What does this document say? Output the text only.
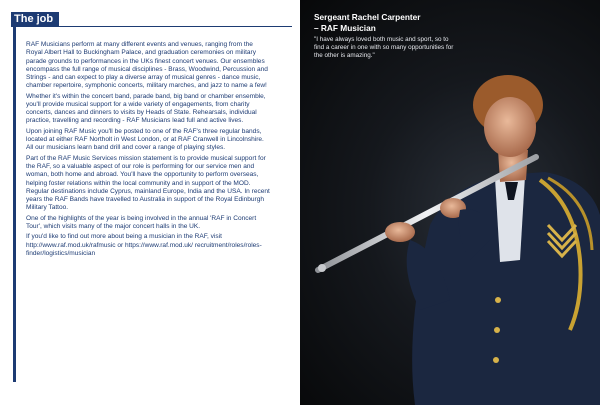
The job

RAF Musicians perform at many different events and venues, ranging from the Royal Albert Hall to Buckingham Palace, and graduation ceremonies on military parade grounds to performances in the UKs finest concert venues. Our ensembles encompass the full range of musical disciplines - Brass, Woodwind, Percussion and Strings - and can expect to play a diverse array of musical genres - dance music, chamber repertoire, symphonic concerts, military marches, and jazz to name a few!

Whether it's within the concert band, parade band, big band or chamber ensemble, you'll provide musical support for a wide variety of engagements, from charity concerts, dances and dinners to visits by Heads of State. Rehearsals, individual practice, travelling and recording - RAF Musicians lead full and active lives.

Upon joining RAF Music you'll be posted to one of the RAF's three regular bands, located at either RAF Northolt in West London, or at RAF Cranwell in Lincolnshire. All our musicians learn band drill and cover a range of playing styles.

Part of the RAF Music Services mission statement is to provide musical support for the RAF, so a valuable aspect of our role is performing for our service men and woman, both home and abroad. You'll have the opportunity to perform overseas, helping foster relations within the local community and in support of the MOD. Regular destinations include Cyprus, mainland Europe, India and the USA. In recent years the RAF Bands have travelled to Australia in support of the Royal Edinburgh Military Tattoo.

One of the highlights of the year is being involved in the annual 'RAF in Concert Tour', which visits many of the major concert halls in the UK.

If you'd like to find out more about being a musician in the RAF, visit http://www.raf.mod.uk/rafmusic or https://www.raf.mod.uk/ recruitment/roles/roles-finder/logistics/musician

Sergeant Rachel Carpenter
– RAF Musician
"I have always loved both music and sport, so to find a career in one with so many opportunities for the other is amazing."
